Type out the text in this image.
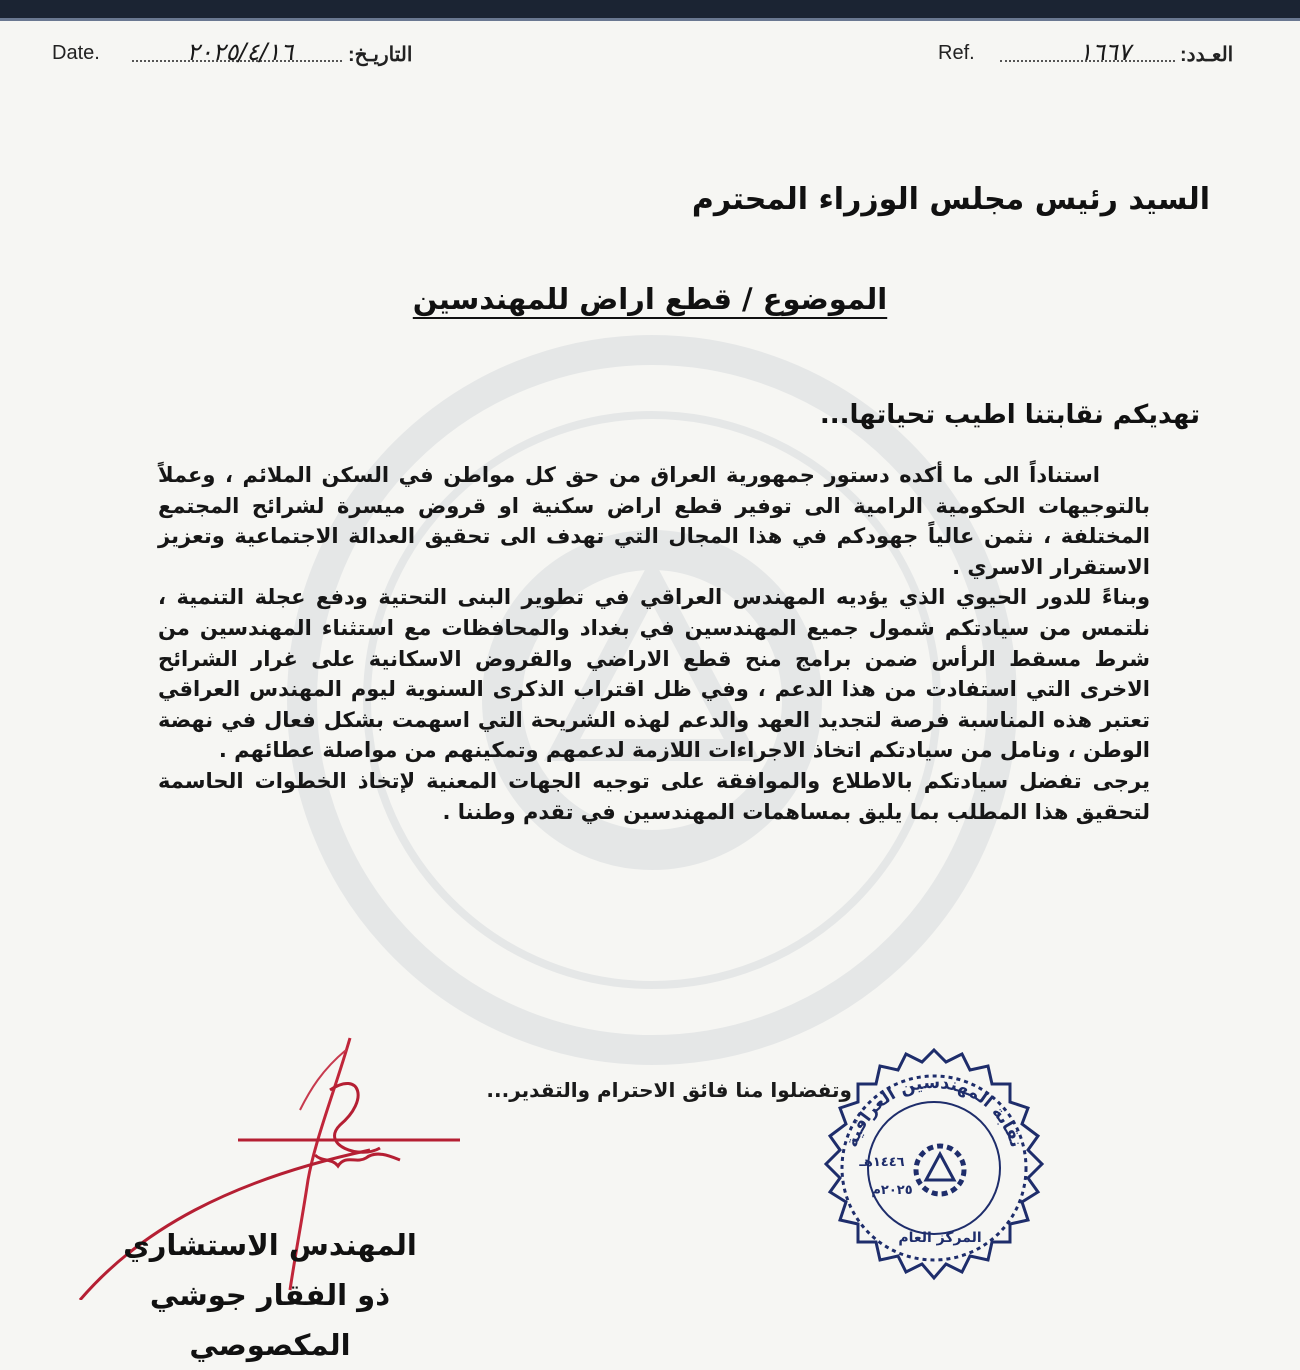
Date.	٢٠٢٥/٤/١٦	التاريـخ:	Ref.	١٦٦٧	العـدد:
السيد رئيس مجلس الوزراء المحترم
الموضوع / قطع اراض للمهندسين
تهديكم نقابتنا اطيب تحياتها...

استناداً الى ما أكده دستور جمهورية العراق من حق كل مواطن في السكن الملائم ، وعملاً بالتوجيهات الحكومية الرامية الى توفير قطع اراض سكنية او قروض ميسرة لشرائح المجتمع المختلفة ، نثمن عالياً جهودكم في هذا المجال التي تهدف الى تحقيق العدالة الاجتماعية وتعزيز الاستقرار الاسري .

وبناءً للدور الحيوي الذي يؤديه المهندس العراقي في تطوير البنى التحتية ودفع عجلة التنمية ، نلتمس من سيادتكم شمول جميع المهندسين في بغداد والمحافظات مع استثناء المهندسين من شرط مسقط الرأس ضمن برامج منح قطع الاراضي والقروض الاسكانية على غرار الشرائح الاخرى التي استفادت من هذا الدعم ، وفي ظل اقتراب الذكرى السنوية ليوم المهندس العراقي تعتبر هذه المناسبة فرصة لتجديد العهد والدعم لهذه الشريحة التي اسهمت بشكل فعال في نهضة الوطن ، ونامل من سيادتكم اتخاذ الاجراءات اللازمة لدعمهم وتمكينهم من مواصلة عطائهم .

يرجى تفضل سيادتكم بالاطلاع والموافقة على توجيه الجهات المعنية لإتخاذ الخطوات الحاسمة لتحقيق هذا المطلب بما يليق بمساهمات المهندسين في تقدم وطننا .

وتفضلوا منا فائق الاحترام والتقدير...
المهندس الاستشاري
ذو الفقار جوشي المكصوصي
نقابة المهندسين العراقية
١٤٤٦هـ
٢٠٢٥م
المركز العام
